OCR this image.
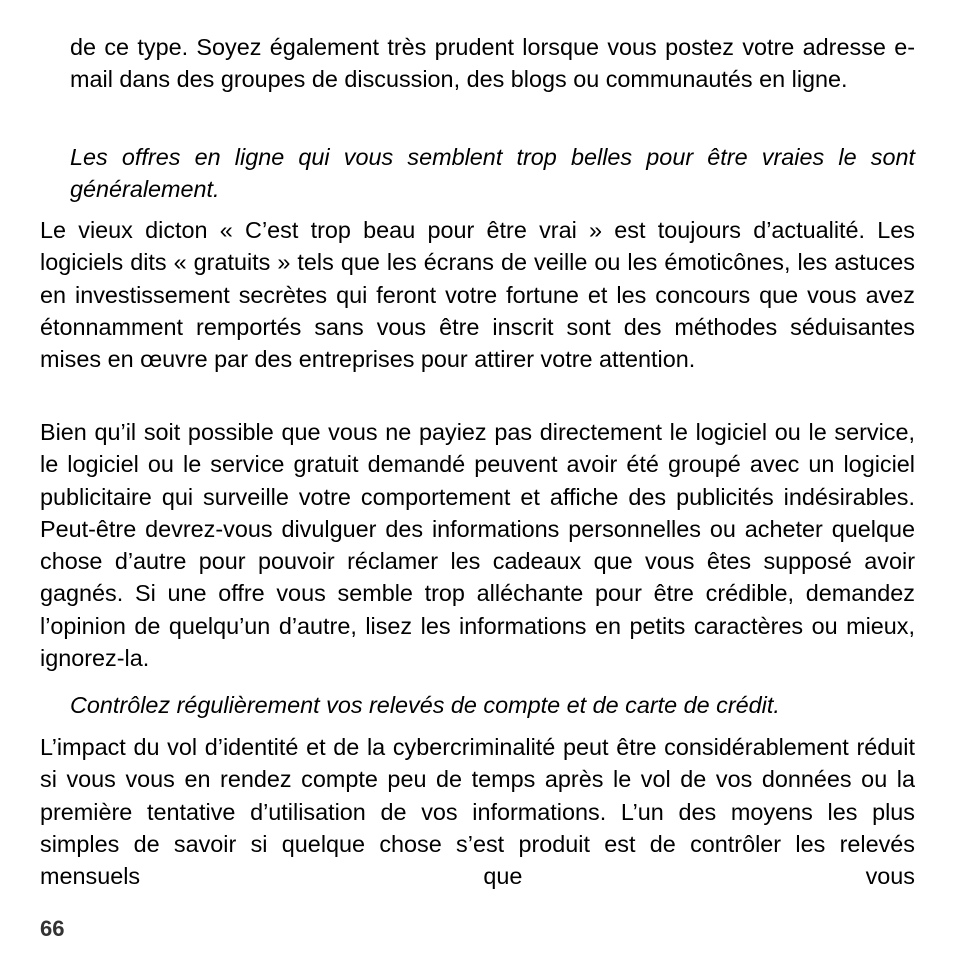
de ce type. Soyez également très prudent lorsque vous postez votre adresse e-mail dans des groupes de discussion, des blogs ou communautés en ligne.

Les offres en ligne qui vous semblent trop belles pour être vraies le sont généralement.

Le vieux dicton « C’est trop beau pour être vrai » est toujours d’actualité. Les logiciels dits « gratuits » tels que les écrans de veille ou les émoticônes, les astuces en investissement secrètes qui feront votre fortune et les concours que vous avez étonnamment remportés sans vous être inscrit sont des méthodes séduisantes mises en œuvre par des entreprises pour attirer votre attention.

Bien qu’il soit possible que vous ne payiez pas directement le logiciel ou le service, le logiciel ou le service gratuit demandé peuvent avoir été groupé avec un logiciel publicitaire qui surveille votre comportement et affiche des publicités indésirables. Peut-être devrez-vous divulguer des informations personnelles ou acheter quelque chose d’autre pour pouvoir réclamer les cadeaux que vous êtes supposé avoir gagnés. Si une offre vous semble trop alléchante pour être crédible, demandez l’opinion de quelqu’un d’autre, lisez les informations en petits caractères ou mieux, ignorez-la.

Contrôlez régulièrement vos relevés de compte et de carte de crédit.

L’impact du vol d’identité et de la cybercriminalité peut être considérablement réduit si vous vous en rendez compte peu de temps après le vol de vos données ou la première tentative d’utilisation de vos informations. L’un des moyens les plus simples de savoir si quelque chose s’est produit est de contrôler les relevés mensuels que vous

66
